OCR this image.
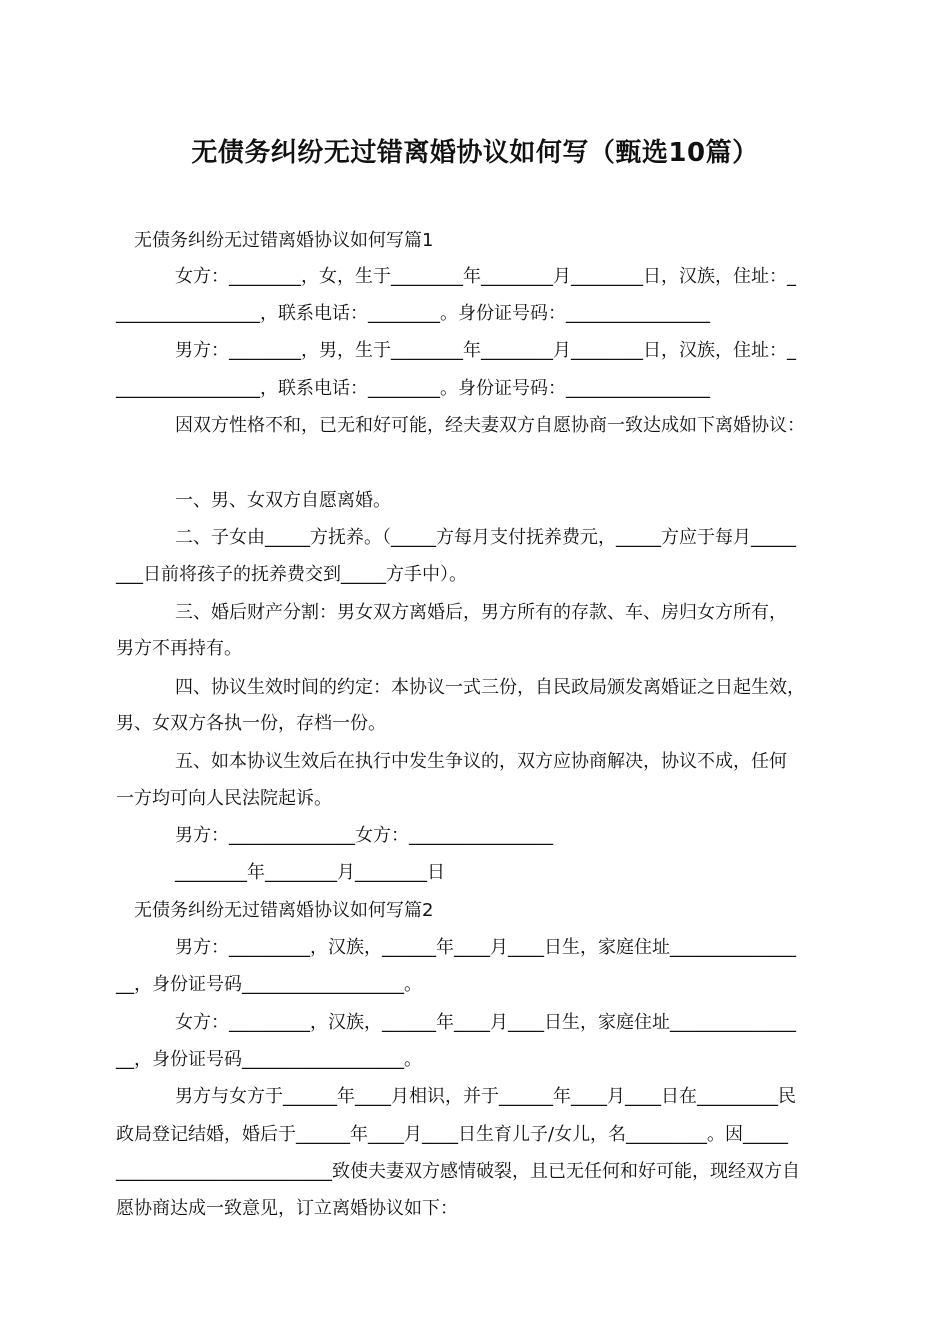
无债务纠纷无过错离婚协议如何写（甄选10篇）
无债务纠纷无过错离婚协议如何写篇1
女方：________，女，生于________年________月________日，汉族，住址：_
________________，联系电话：________。身份证号码：________________
男方：________，男，生于________年________月________日，汉族，住址：_
________________，联系电话：________。身份证号码：________________
因双方性格不和，已无和好可能，经夫妻双方自愿协商一致达成如下离婚协议：
一、男、女双方自愿离婚。
二、子女由_____方抚养。（_____方每月支付抚养费元，_____方应于每月_____
___日前将孩子的抚养费交到_____方手中）。
三、婚后财产分割：男女双方离婚后，男方所有的存款、车、房归女方所有，
男方不再持有。
四、协议生效时间的约定：本协议一式三份，自民政局颁发离婚证之日起生效，
男、女双方各执一份，存档一份。
五、如本协议生效后在执行中发生争议的，双方应协商解决，协议不成，任何
一方均可向人民法院起诉。
男方：______________女方：________________
________年________月________日
无债务纠纷无过错离婚协议如何写篇2
男方：_________，汉族，______年____月____日生，家庭住址______________
__，身份证号码__________________。
女方：_________，汉族，______年____月____日生，家庭住址______________
__，身份证号码__________________。
男方与女方于______年____月相识，并于______年____月____日在_________民
政局登记结婚，婚后于______年____月____日生育儿子/女儿，名_________。因_____
________________________致使夫妻双方感情破裂，且已无任何和好可能，现经双方自
愿协商达成一致意见，订立离婚协议如下：
